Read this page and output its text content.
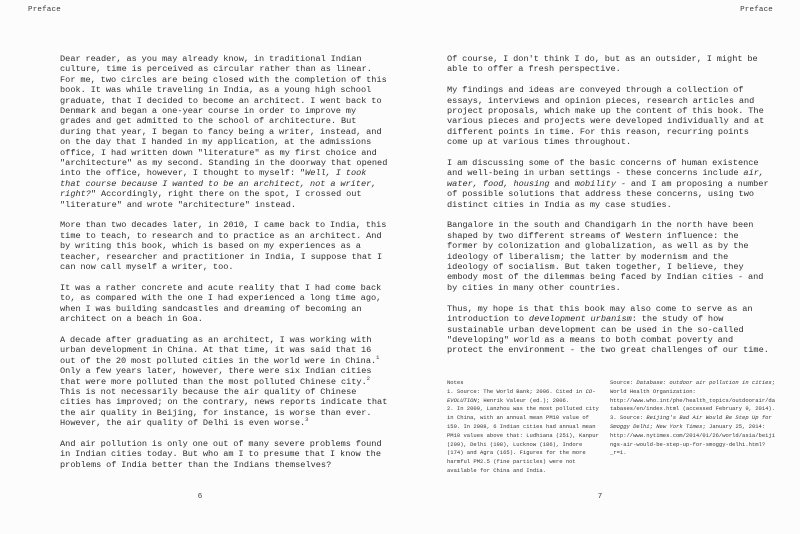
Preface

Dear reader, as you may already know, in traditional Indian culture, time is perceived as circular rather than as linear. For me, two circles are being closed with the completion of this book. It was while traveling in India, as a young high school graduate, that I decided to become an architect. I went back to Denmark and began a one-year course in order to improve my grades and get admitted to the school of architecture. But during that year, I began to fancy being a writer, instead, and on the day that I handed in my application, at the admissions office, I had written down "literature" as my first choice and "architecture" as my second. Standing in the doorway that opened into the office, however, I thought to myself: "Well, I took that course because I wanted to be an architect, not a writer, right?" Accordingly, right there on the spot, I crossed out "literature" and wrote "architecture" instead.

More than two decades later, in 2010, I came back to India, this time to teach, to research and to practice as an architect. And by writing this book, which is based on my experiences as a teacher, researcher and practitioner in India, I suppose that I can now call myself a writer, too.

It was a rather concrete and acute reality that I had come back to, as compared with the one I had experienced a long time ago, when I was building sandcastles and dreaming of becoming an architect on a beach in Goa.

A decade after graduating as an architect, I was working with urban development in China. At that time, it was said that 16 out of the 20 most polluted cities in the world were in China.$^1$ Only a few years later, however, there were six Indian cities that were more polluted than the most polluted Chinese city.$^2$ This is not necessarily because the air quality of Chinese cities has improved; on the contrary, news reports indicate that the air quality in Beijing, for instance, is worse than ever. However, the air quality of Delhi is even worse.$^3$

And air pollution is only one out of many severe problems found in Indian cities today. But who am I to presume that I know the problems of India better than the Indians themselves?

6
Preface

Of course, I don't think I do, but as an outsider, I might be able to offer a fresh perspective.

My findings and ideas are conveyed through a collection of essays, interviews and opinion pieces, research articles and project proposals, which make up the content of this book. The various pieces and projects were developed individually and at different points in time. For this reason, recurring points come up at various times throughout.

I am discussing some of the basic concerns of human existence and well-being in urban settings - these concerns include air, water, food, housing and mobility - and I am proposing a number of possible solutions that address these concerns, using two distinct cities in India as my case studies.

Bangalore in the south and Chandigarh in the north have been shaped by two different streams of Western influence: the former by colonization and globalization, as well as by the ideology of liberalism; the latter by modernism and the ideology of socialism. But taken together, I believe, they embody most of the dilemmas being faced by Indian cities - and by cities in many other countries.

Thus, my hope is that this book may also come to serve as an introduction to development urbanism: the study of how sustainable urban development can be used in the so-called "developing" world as a means to both combat poverty and protect the environment - the two great challenges of our time.

Notes

1. Source: The World Bank; 2006. Cited in CO-EVOLUTION; Henrik Valeur (ed.); 2006.

2. In 2009, Lanzhou was the most polluted city in China, with an annual mean PM10 value of 150. In 2008, 6 Indian cities had annual mean PM10 values above that: Ludhiana (251), Kanpur (209), Delhi (198), Lucknow (186), Indore (174) and Agra (165). Figures for the more harmful PM2.5 (fine particles) were not available for China and India.

Source: Database: outdoor air pollution in cities; World Health Organization: http://www.who.int/phe/health_topics/outdoorair/databases/en/index.html (accessed February 9, 2014).

3. Source: Beijing's Bad Air Would Be Step Up for Smoggy Delhi; New York Times; January 25, 2014: http://www.nytimes.com/2014/01/26/world/asia/beijings-air-would-be-step-up-for-smoggy-delhi.html?_r=1.

7
